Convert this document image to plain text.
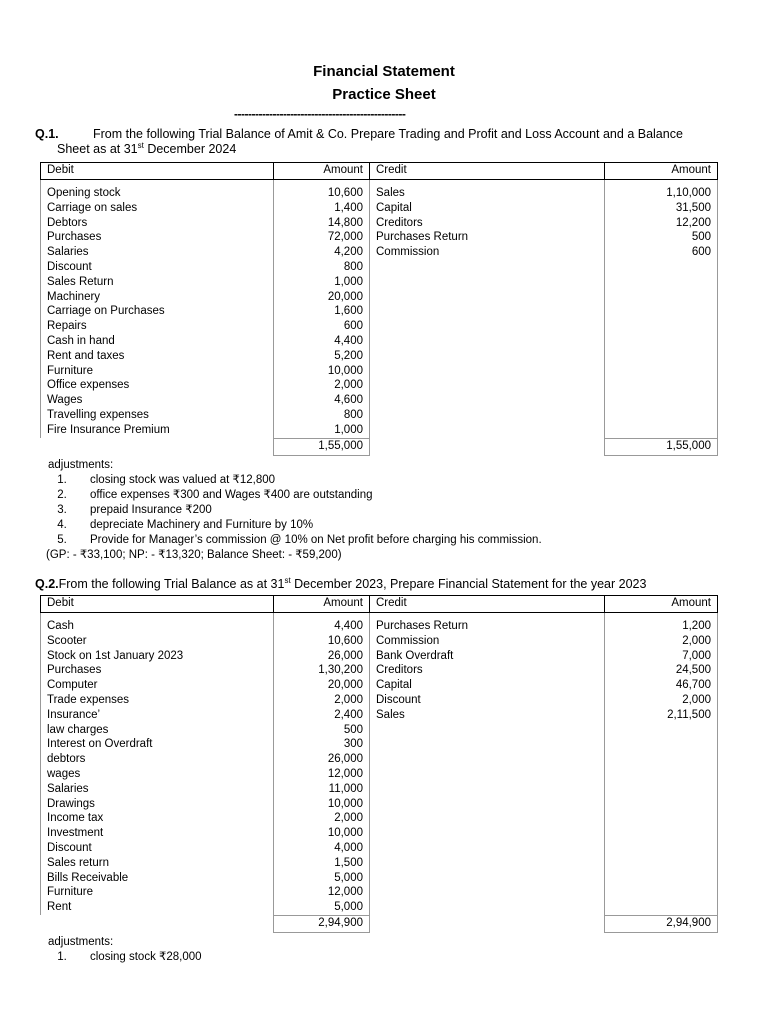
Financial Statement
Practice Sheet
-------------------------------------------------
Q.1.	From the following Trial Balance of Amit & Co. Prepare Trading and Profit and Loss Account and a Balance
Sheet as at 31st December 2024
Debit	Amount	Credit	Amount
Opening stock	10,600	Sales	1,10,000
Carriage on sales	1,400	Capital	31,500
Debtors	14,800	Creditors	12,200
Purchases	72,000	Purchases Return	500
Salaries	4,200	Commission	600
Discount	800		
Sales Return	1,000		
Machinery	20,000		
Carriage on Purchases	1,600		
Repairs	600		
Cash in hand	4,400		
Rent and taxes	5,200		
Furniture	10,000		
Office expenses	2,000		
Wages	4,600		
Travelling expenses	800		
Fire Insurance Premium	1,000		
	1,55,000		1,55,000
adjustments:
1. closing stock was valued at ₹12,800
2. office expenses ₹300 and Wages ₹400 are outstanding
3. prepaid Insurance ₹200
4. depreciate Machinery and Furniture by 10%
5. Provide for Manager’s commission @ 10% on Net profit before charging his commission.
(GP: - ₹33,100; NP: - ₹13,320; Balance Sheet: - ₹59,200)
Q.2.From the following Trial Balance as at 31st December 2023, Prepare Financial Statement for the year 2023
Debit	Amount	Credit	Amount
Cash	4,400	Purchases Return	1,200
Scooter	10,600	Commission	2,000
Stock on 1st January 2023	26,000	Bank Overdraft	7,000
Purchases	1,30,200	Creditors	24,500
Computer	20,000	Capital	46,700
Trade expenses	2,000	Discount	2,000
Insurance’	2,400	Sales	2,11,500
law charges	500		
Interest on Overdraft	300		
debtors	26,000		
wages	12,000		
Salaries	11,000		
Drawings	10,000		
Income tax	2,000		
Investment	10,000		
Discount	4,000		
Sales return	1,500		
Bills Receivable	5,000		
Furniture	12,000		
Rent	5,000		
	2,94,900		2,94,900
adjustments:
1. closing stock ₹28,000
